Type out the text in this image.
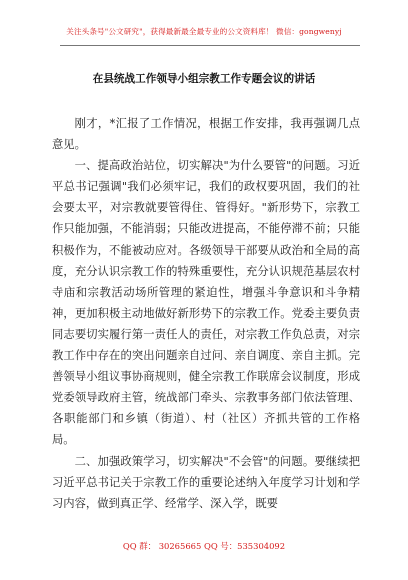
关注头条号"公文研究"，获得最新最全最专业的公文资料库！ 微信：gongwenyj
在县统战工作领导小组宗教工作专题会议的讲话

刚才，*汇报了工作情况，根据工作安排，我再强调几点意见。

一、提高政治站位，切实解决"为什么要管"的问题。习近平总书记强调"我们必须牢记，我们的政权要巩固，我们的社会要太平，对宗教就要管得住、管得好。"新形势下，宗教工作只能加强，不能消弱；只能改进提高，不能停滞不前；只能积极作为，不能被动应对。各级领导干部要从政治和全局的高度，充分认识宗教工作的特殊重要性，充分认识规范基层农村寺庙和宗教活动场所管理的紧迫性，增强斗争意识和斗争精神，更加积极主动地做好新形势下的宗教工作。党委主要负责同志要切实履行第一责任人的责任，对宗教工作负总责，对宗教工作中存在的突出问题亲自过问、亲自调度、亲自主抓。完善领导小组议事协商规则，健全宗教工作联席会议制度，形成党委领导政府主管，统战部门牵头、宗教事务部门依法管理、各职能部门和乡镇（街道）、村（社区）齐抓共管的工作格局。

二、加强政策学习，切实解决"不会管"的问题。要继续把习近平总书记关于宗教工作的重要论述纳入年度学习计划和学习内容，做到真正学、经常学、深入学，既要

QQ 群： 30265665 QQ 号：535304092
